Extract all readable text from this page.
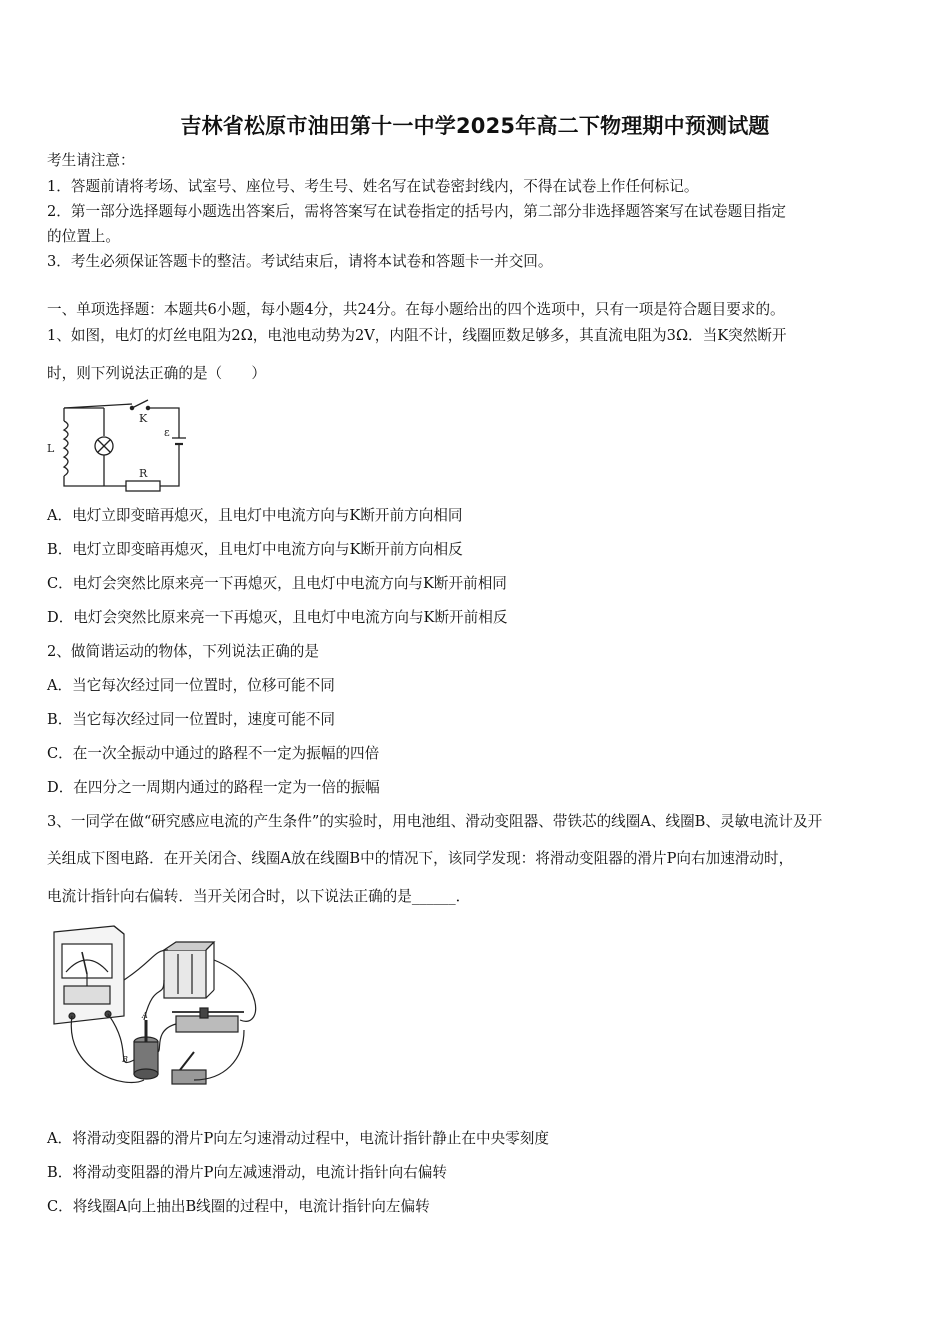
吉林省松原市油田第十一中学2025年高二下物理期中预测试题
考生请注意：
1．答题前请将考场、试室号、座位号、考生号、姓名写在试卷密封线内，不得在试卷上作任何标记。
2．第一部分选择题每小题选出答案后，需将答案写在试卷指定的括号内，第二部分非选择题答案写在试卷题目指定
的位置上。
3．考生必须保证答题卡的整洁。考试结束后，请将本试卷和答题卡一并交回。
一、单项选择题：本题共6小题，每小题4分，共24分。在每小题给出的四个选项中，只有一项是符合题目要求的。
1、如图，电灯的灯丝电阻为2Ω，电池电动势为2V，内阻不计，线圈匝数足够多，其直流电阻为3Ω．当K突然断开
时，则下列说法正确的是（　　）
K
L
R
ε
A．电灯立即变暗再熄灭，且电灯中电流方向与K断开前方向相同
B．电灯立即变暗再熄灭，且电灯中电流方向与K断开前方向相反
C．电灯会突然比原来亮一下再熄灭，且电灯中电流方向与K断开前相同
D．电灯会突然比原来亮一下再熄灭，且电灯中电流方向与K断开前相反
2、做简谐运动的物体，下列说法正确的是
A．当它每次经过同一位置时，位移可能不同
B．当它每次经过同一位置时，速度可能不同
C．在一次全振动中通过的路程不一定为振幅的四倍
D．在四分之一周期内通过的路程一定为一倍的振幅
3、一同学在做“研究感应电流的产生条件”的实验时，用电池组、滑动变阻器、带铁芯的线圈A、线圈B、灵敏电流计及开
关组成下图电路．在开关闭合、线圈A放在线圈B中的情况下，该同学发现：将滑动变阻器的滑片P向右加速滑动时，
电流计指针向右偏转．当开关闭合时，以下说法正确的是______．
A
B
A．将滑动变阻器的滑片P向左匀速滑动过程中，电流计指针静止在中央零刻度
B．将滑动变阻器的滑片P向左减速滑动，电流计指针向右偏转
C．将线圈A向上抽出B线圈的过程中，电流计指针向左偏转
